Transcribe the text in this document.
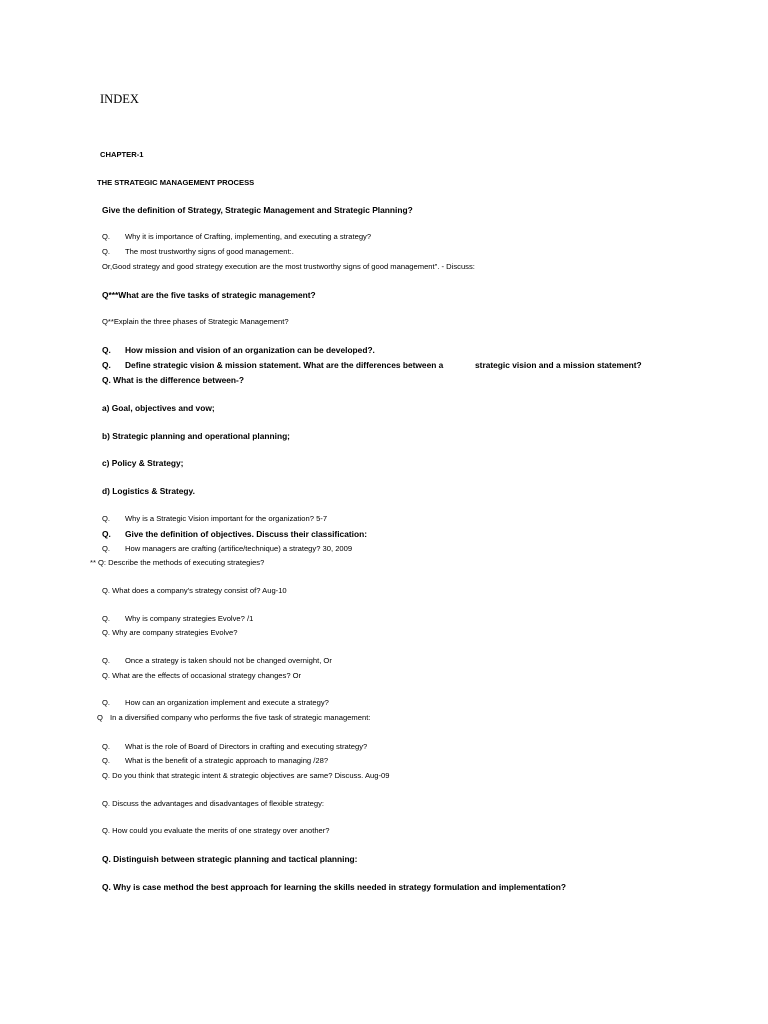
INDEX
CHAPTER-1
THE STRATEGIC MANAGEMENT PROCESS
Give the definition of Strategy, Strategic Management and Strategic Planning?
Q. Why it is importance of Crafting, implementing, and executing a strategy?
Q. The most trustworthy signs of good management:.
Or,Good strategy and good strategy execution are the most trustworthy signs of good management". - Discuss:
Q***What are the five tasks of strategic management?
Q**Explain the three phases of Strategic Management?
Q. How mission and vision of an organization can be developed?.
Q. Define strategic vision & mission statement. What are the differences between a	strategic vision and a mission statement?
Q. What is the difference between-?
a) Goal, objectives and vow;
b) Strategic planning and operational planning;
c) Policy & Strategy;
d) Logistics & Strategy.
Q. Why is a Strategic Vision important for the organization? 5-7
Q. Give the definition of objectives. Discuss their classification:
Q. How managers are crafting (artifice/technique) a strategy? 30, 2009
** Q: Describe the methods of executing strategies?
Q. What does a company's strategy consist of? Aug-10
Q. Why is company strategies Evolve? /1
Q. Why are company strategies Evolve?
Q. Once a strategy is taken should not be changed overnight, Or
Q. What are the effects of occasional strategy changes? Or
Q. How can an organization implement and execute a strategy?
Q In a diversified company who performs the five task of strategic management:
Q. What is the role of Board of Directors in crafting and executing strategy?
Q. What is the benefit of a strategic approach to managing /28?
Q. Do you think that strategic intent & strategic objectives are same? Discuss. Aug-09
Q. Discuss the advantages and disadvantages of flexible strategy:
Q. How could you evaluate the merits of one strategy over another?
Q. Distinguish between strategic planning and tactical planning:
Q. Why is case method the best approach for learning the skills needed in strategy formulation and implementation?
